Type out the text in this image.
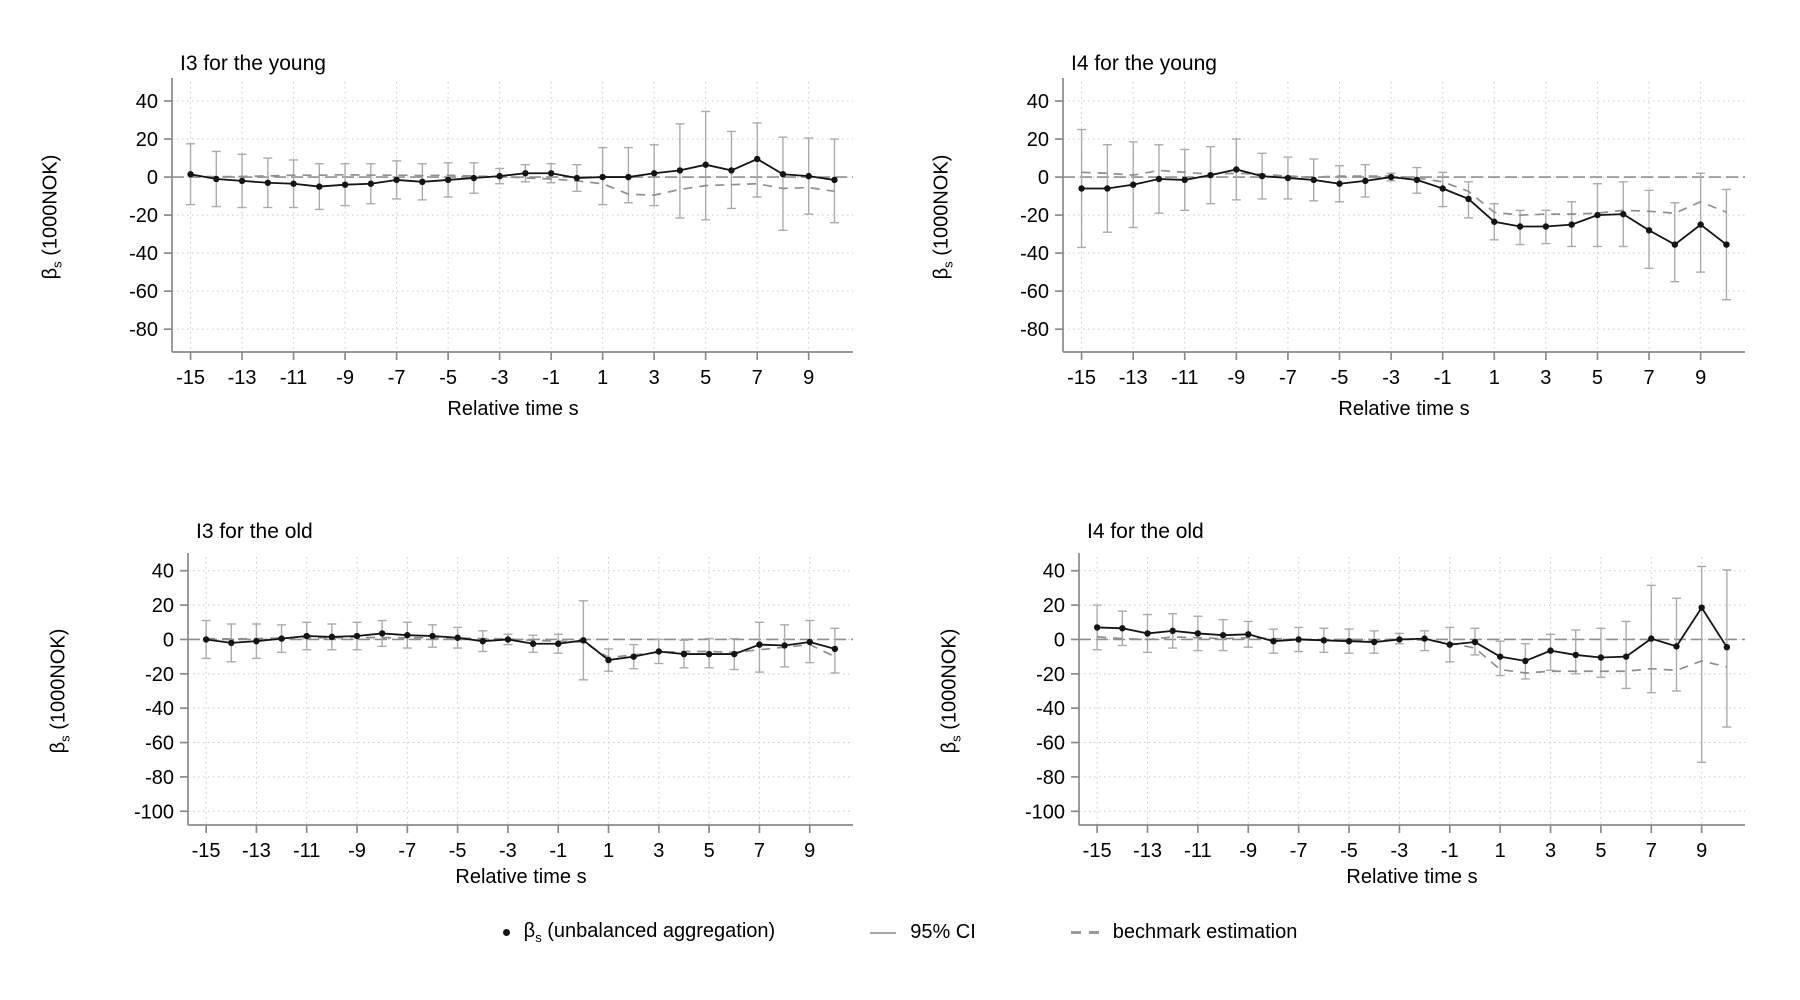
40
20
0
-20
-40
-60
-80
-15 -13 -11 -9 -7 -5 -3 -1 1 3 5 7 9
40
20
0
-20
-40
-60
-80
-15 -13 -11 -9 -7 -5 -3 -1 1 3 5 7 9
40
20
0
-20
-40
-60
-80
-100
-15 -13 -11 -9 -7 -5 -3 -1 1 3 5 7 9
40
20
0
-20
-40
-60
-80
-100
-15 -13 -11 -9 -7 -5 -3 -1 1 3 5 7 9
I3 for the young	I4 for the young
I3 for the old	I4 for the old
$\beta_s$ (1000NOK)
$\beta_s$ (1000NOK)
$\beta_s$ (1000NOK)
$\beta_s$ (1000NOK)
Relative time s	Relative time s
Relative time s	Relative time s
$\beta_s$ (unbalanced aggregation)	95% CI	bechmark estimation
